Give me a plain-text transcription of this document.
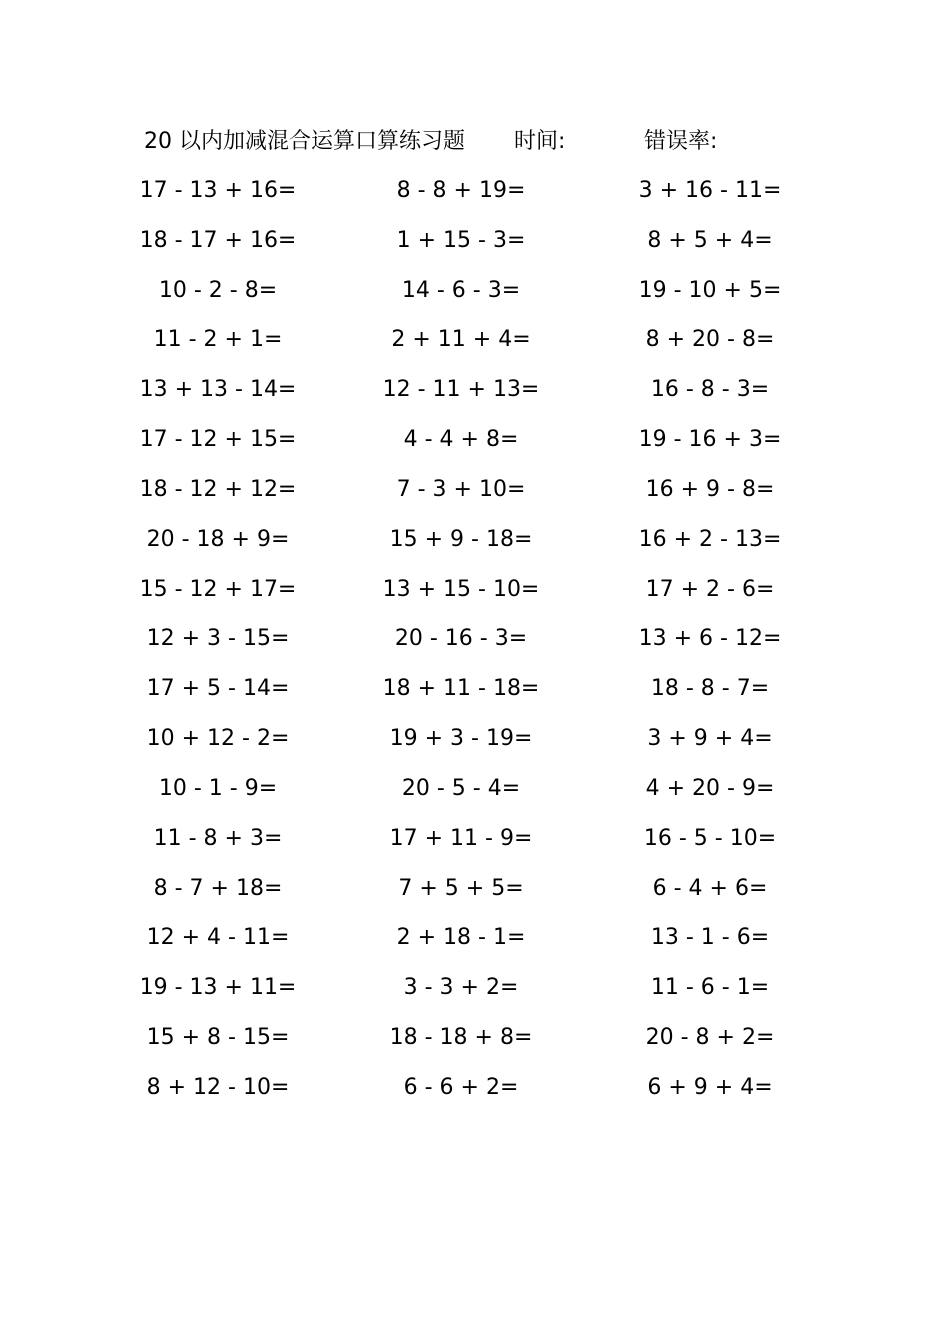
20 以内加减混合运算口算练习题 时间:	错误率:
17 - 13 + 16=	8 - 8 + 19=	3 + 16 - 11=
18 - 17 + 16=	1 + 15 - 3=	8 + 5 + 4=
10 - 2 - 8=	14 - 6 - 3=	19 - 10 + 5=
11 - 2 + 1=	2 + 11 + 4=	8 + 20 - 8=
13 + 13 - 14=	12 - 11 + 13=	16 - 8 - 3=
17 - 12 + 15=	4 - 4 + 8=	19 - 16 + 3=
18 - 12 + 12=	7 - 3 + 10=	16 + 9 - 8=
20 - 18 + 9=	15 + 9 - 18=	16 + 2 - 13=
15 - 12 + 17=	13 + 15 - 10=	17 + 2 - 6=
12 + 3 - 15=	20 - 16 - 3=	13 + 6 - 12=
17 + 5 - 14=	18 + 11 - 18=	18 - 8 - 7=
10 + 12 - 2=	19 + 3 - 19=	3 + 9 + 4=
10 - 1 - 9=	20 - 5 - 4=	4 + 20 - 9=
11 - 8 + 3=	17 + 11 - 9=	16 - 5 - 10=
8 - 7 + 18=	7 + 5 + 5=	6 - 4 + 6=
12 + 4 - 11=	2 + 18 - 1=	13 - 1 - 6=
19 - 13 + 11=	3 - 3 + 2=	11 - 6 - 1=
15 + 8 - 15=	18 - 18 + 8=	20 - 8 + 2=
8 + 12 - 10=	6 - 6 + 2=	6 + 9 + 4=
